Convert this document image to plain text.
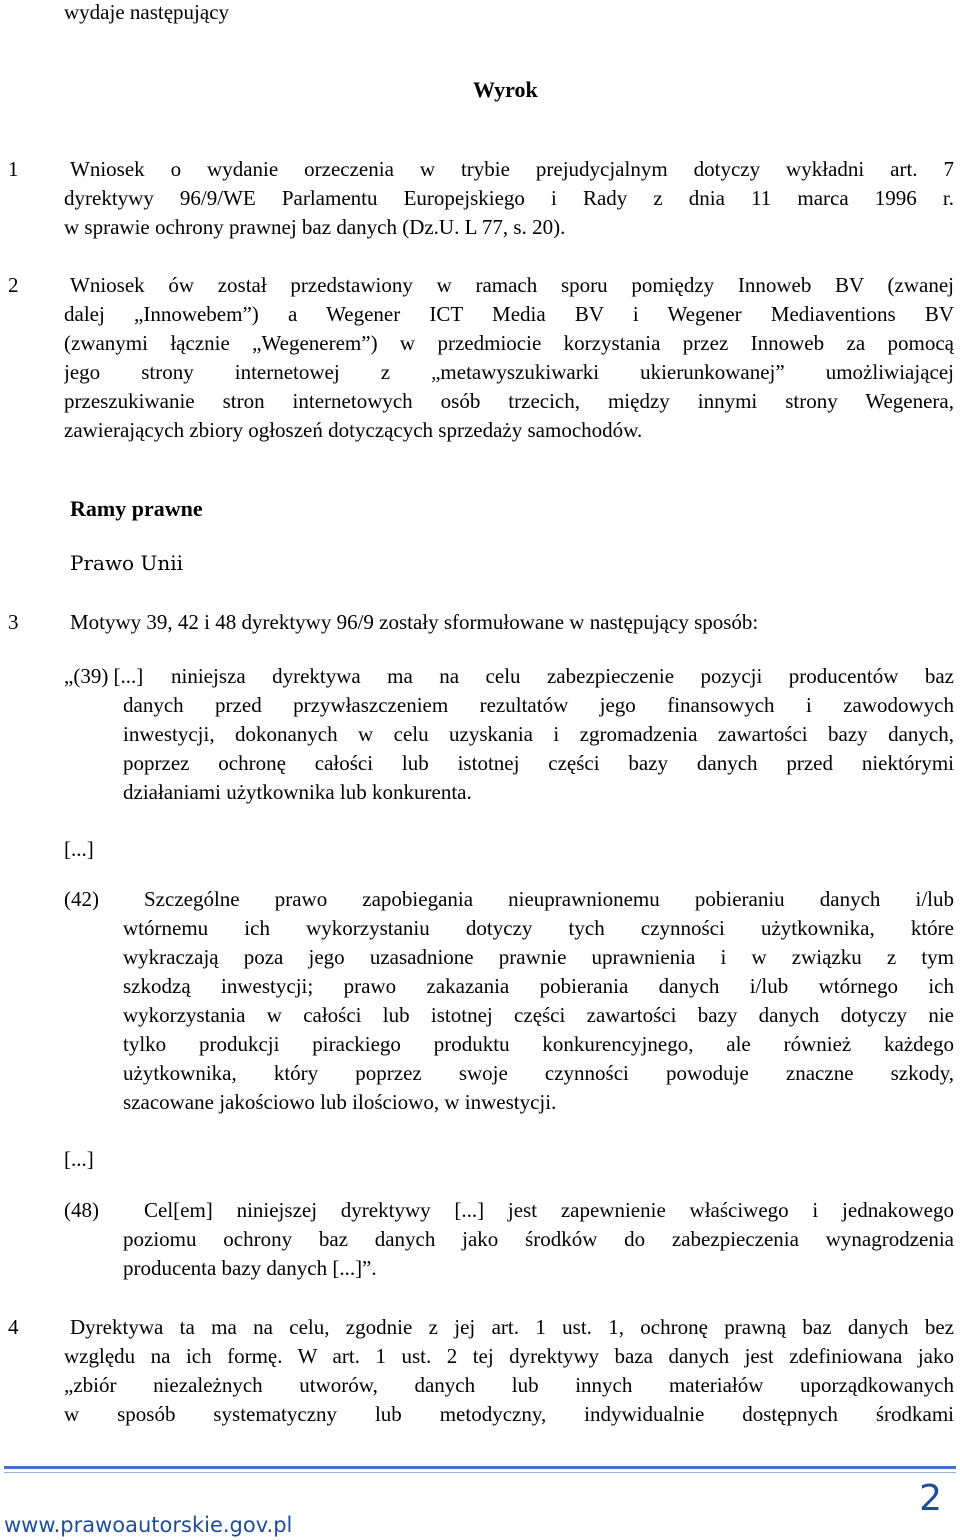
wydaje następujący
Wyrok
1 Wniosek o wydanie orzeczenia w trybie prejudycjalnym dotyczy wykładni art. 7
dyrektywy 96/9/WE Parlamentu Europejskiego i Rady z dnia 11 marca 1996 r.
w sprawie ochrony prawnej baz danych (Dz.U. L 77, s. 20).
2 Wniosek ów został przedstawiony w ramach sporu pomiędzy Innoweb BV (zwanej
dalej „Innowebem”) a Wegener ICT Media BV i Wegener Mediaventions BV
(zwanymi łącznie „Wegenerem”) w przedmiocie korzystania przez Innoweb za pomocą
jego strony internetowej z „metawyszukiwarki ukierunkowanej” umożliwiającej
przeszukiwanie stron internetowych osób trzecich, między innymi strony Wegenera,
zawierających zbiory ogłoszeń dotyczących sprzedaży samochodów.
Ramy prawne
Prawo Unii
3 Motywy 39, 42 i 48 dyrektywy 96/9 zostały sformułowane w następujący sposób:
„(39) [...] niniejsza dyrektywa ma na celu zabezpieczenie pozycji producentów baz
danych przed przywłaszczeniem rezultatów jego finansowych i zawodowych
inwestycji, dokonanych w celu uzyskania i zgromadzenia zawartości bazy danych,
poprzez ochronę całości lub istotnej części bazy danych przed niektórymi
działaniami użytkownika lub konkurenta.
[...]
(42) Szczególne prawo zapobiegania nieuprawnionemu pobieraniu danych i/lub
wtórnemu ich wykorzystaniu dotyczy tych czynności użytkownika, które
wykraczają poza jego uzasadnione prawnie uprawnienia i w związku z tym
szkodzą inwestycji; prawo zakazania pobierania danych i/lub wtórnego ich
wykorzystania w całości lub istotnej części zawartości bazy danych dotyczy nie
tylko produkcji pirackiego produktu konkurencyjnego, ale również każdego
użytkownika, który poprzez swoje czynności powoduje znaczne szkody,
szacowane jakościowo lub ilościowo, w inwestycji.
[...]
(48) Cel[em] niniejszej dyrektywy [...] jest zapewnienie właściwego i jednakowego
poziomu ochrony baz danych jako środków do zabezpieczenia wynagrodzenia
producenta bazy danych [...]”.
4 Dyrektywa ta ma na celu, zgodnie z jej art. 1 ust. 1, ochronę prawną baz danych bez
względu na ich formę. W art. 1 ust. 2 tej dyrektywy baza danych jest zdefiniowana jako
„zbiór niezależnych utworów, danych lub innych materiałów uporządkowanych
w sposób systematyczny lub metodyczny, indywidualnie dostępnych środkami
2
www.prawoautorskie.gov.pl
